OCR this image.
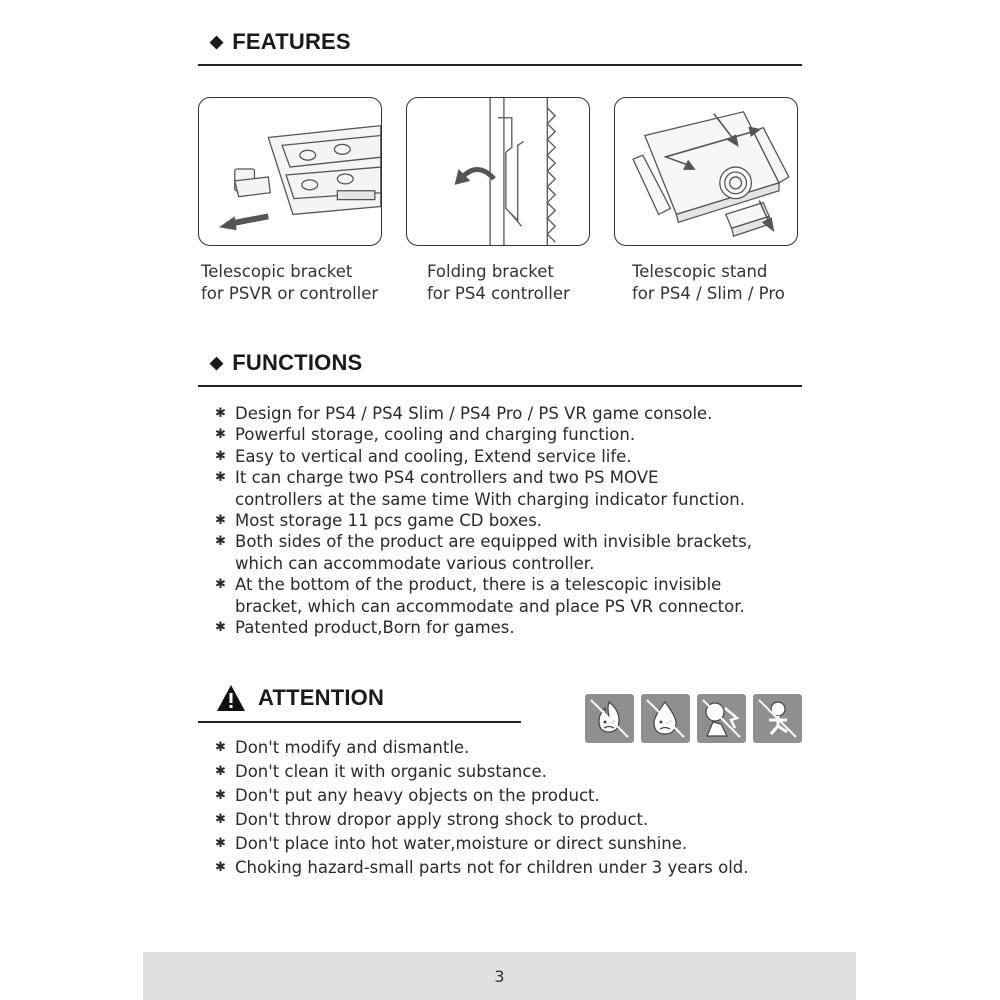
◆ FEATURES
Telescopic bracket
for PSVR or controller
Folding bracket
for PS4 controller
Telescopic stand
for PS4 / Slim / Pro
◆ FUNCTIONS
✱ Design for PS4 / PS4 Slim / PS4 Pro / PS VR game console.
✱ Powerful storage, cooling and charging function.
✱ Easy to vertical and cooling, Extend service life.
✱ It can charge two PS4 controllers and two PS MOVE
controllers at the same time With charging indicator function.
✱ Most storage 11 pcs game CD boxes.
✱ Both sides of the product are equipped with invisible brackets,
which can accommodate various controller.
✱ At the bottom of the product, there is a telescopic invisible
bracket, which can accommodate and place PS VR connector.
✱ Patented product,Born for games.
ATTENTION
✱ Don't modify and dismantle.
✱ Don't clean it with organic substance.
✱ Don't put any heavy objects on the product.
✱ Don't throw dropor apply strong shock to product.
✱ Don't place into hot water,moisture or direct sunshine.
✱ Choking hazard-small parts not for children under 3 years old.
3
